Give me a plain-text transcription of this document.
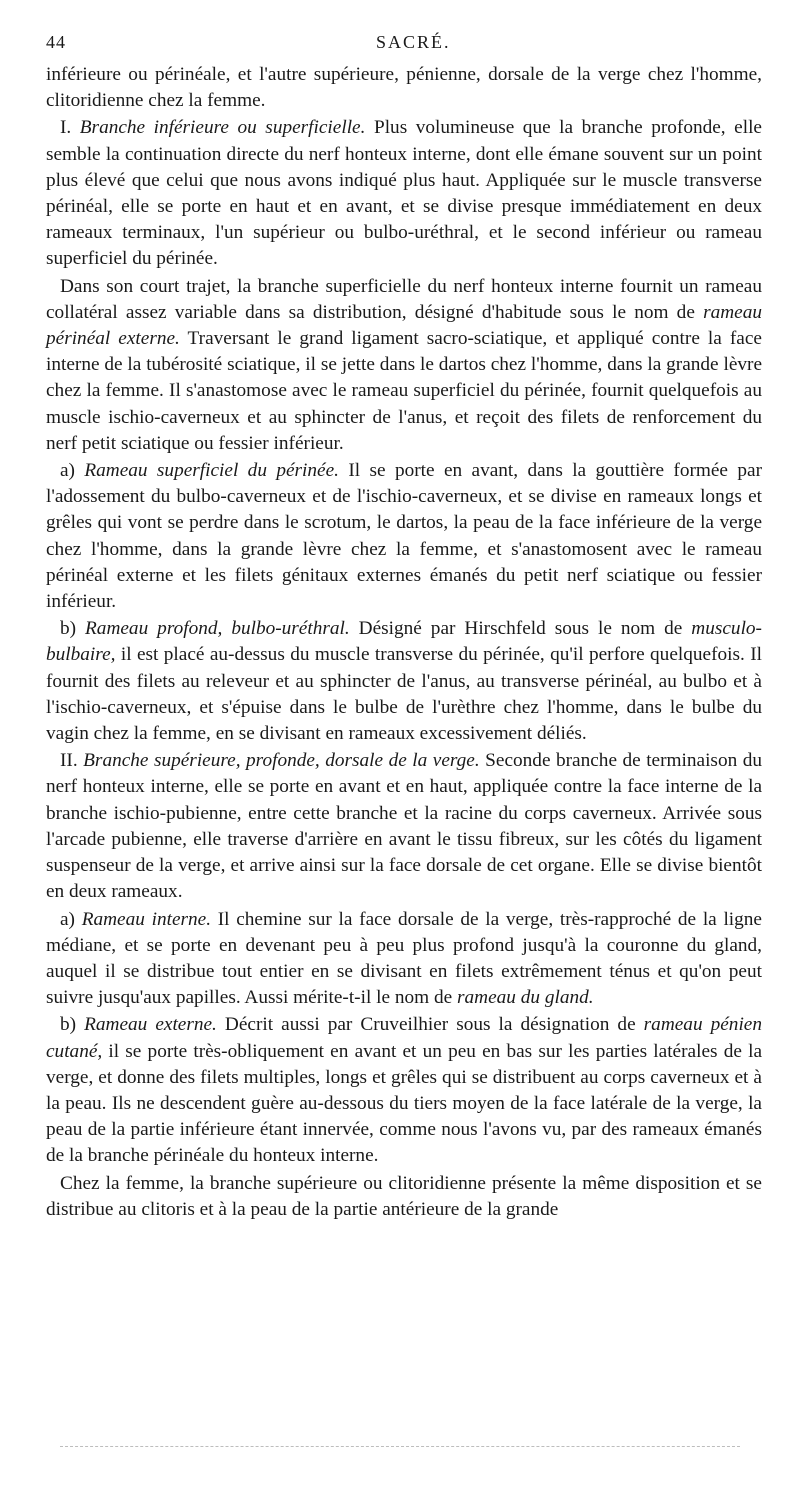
44	SACRÉ.

inférieure ou périnéale, et l'autre supérieure, pénienne, dorsale de la verge chez l'homme, clitoridienne chez la femme.

I. Branche inférieure ou superficielle. Plus volumineuse que la branche profonde, elle semble la continuation directe du nerf honteux interne, dont elle émane souvent sur un point plus élevé que celui que nous avons indiqué plus haut. Appliquée sur le muscle transverse périnéal, elle se porte en haut et en avant, et se divise presque immédiatement en deux rameaux terminaux, l'un supérieur ou bulbo-uréthral, et le second inférieur ou rameau superficiel du périnée.

Dans son court trajet, la branche superficielle du nerf honteux interne fournit un rameau collatéral assez variable dans sa distribution, désigné d'habitude sous le nom de rameau périnéal externe. Traversant le grand ligament sacro-sciatique, et appliqué contre la face interne de la tubérosité sciatique, il se jette dans le dartos chez l'homme, dans la grande lèvre chez la femme. Il s'anastomose avec le rameau superficiel du périnée, fournit quelquefois au muscle ischio-caverneux et au sphincter de l'anus, et reçoit des filets de renforcement du nerf petit sciatique ou fessier inférieur.

a) Rameau superficiel du périnée. Il se porte en avant, dans la gouttière formée par l'adossement du bulbo-caverneux et de l'ischio-caverneux, et se divise en rameaux longs et grêles qui vont se perdre dans le scrotum, le dartos, la peau de la face inférieure de la verge chez l'homme, dans la grande lèvre chez la femme, et s'anastomosent avec le rameau périnéal externe et les filets génitaux externes émanés du petit nerf sciatique ou fessier inférieur.

b) Rameau profond, bulbo-uréthral. Désigné par Hirschfeld sous le nom de musculo-bulbaire, il est placé au-dessus du muscle transverse du périnée, qu'il perfore quelquefois. Il fournit des filets au releveur et au sphincter de l'anus, au transverse périnéal, au bulbo et à l'ischio-caverneux, et s'épuise dans le bulbe de l'urèthre chez l'homme, dans le bulbe du vagin chez la femme, en se divisant en rameaux excessivement déliés.

II. Branche supérieure, profonde, dorsale de la verge. Seconde branche de terminaison du nerf honteux interne, elle se porte en avant et en haut, appliquée contre la face interne de la branche ischio-pubienne, entre cette branche et la racine du corps caverneux. Arrivée sous l'arcade pubienne, elle traverse d'arrière en avant le tissu fibreux, sur les côtés du ligament suspenseur de la verge, et arrive ainsi sur la face dorsale de cet organe. Elle se divise bientôt en deux rameaux.

a) Rameau interne. Il chemine sur la face dorsale de la verge, très-rapproché de la ligne médiane, et se porte en devenant peu à peu plus profond jusqu'à la couronne du gland, auquel il se distribue tout entier en se divisant en filets extrêmement ténus et qu'on peut suivre jusqu'aux papilles. Aussi mérite-t-il le nom de rameau du gland.

b) Rameau externe. Décrit aussi par Cruveilhier sous la désignation de rameau pénien cutané, il se porte très-obliquement en avant et un peu en bas sur les parties latérales de la verge, et donne des filets multiples, longs et grêles qui se distribuent au corps caverneux et à la peau. Ils ne descendent guère au-dessous du tiers moyen de la face latérale de la verge, la peau de la partie inférieure étant innervée, comme nous l'avons vu, par des rameaux émanés de la branche périnéale du honteux interne.

Chez la femme, la branche supérieure ou clitoridienne présente la même disposition et se distribue au clitoris et à la peau de la partie antérieure de la grande
